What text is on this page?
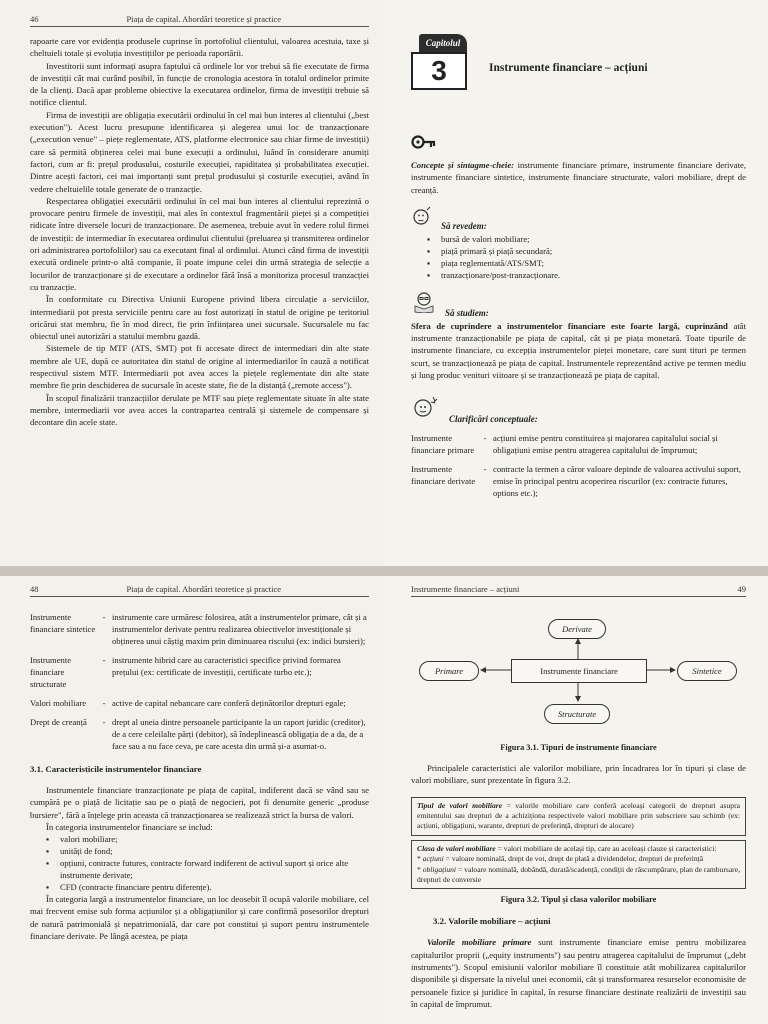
46	Piața de capital. Abordări teoretice și practice

rapoarte care vor evidenția produsele cuprinse în portofoliul clientului, valoarea acestuia, taxe și cheltuieli totale și evoluția investițiilor pe perioada raportării.

Investitorii sunt informați asupra faptului că ordinele lor vor trebui să fie executate de firma de investiții cât mai curând posibil, în funcție de cronologia acestora în totalul ordinelor primite de la clienți. Dacă apar probleme obiective la executarea ordinelor, firma de investiții trebuie să notifice clientul.

Firma de investiții are obligația executării ordinului în cel mai bun interes al clientului („best execution"). Acest lucru presupune identificarea și alegerea unui loc de tranzacționare („execution venue" – piețe reglementate, ATS, platforme electronice sau chiar firme de investiții) care să permită obținerea celei mai bune execuții a ordinului, luând în considerare anumiți factori, cum ar fi: prețul produsului, costurile execuției, rapiditatea și probabilitatea execuției. Dintre acești factori, cei mai importanți sunt prețul produsului și costurile execuției, având în vedere cheltuielile totale generate de o tranzacție.

Respectarea obligației executării ordinului în cel mai bun interes al clientului reprezintă o provocare pentru firmele de investiții, mai ales în contextul fragmentării pieței și a competiției ridicate între diversele locuri de tranzacționare. De asemenea, trebuie avut în vedere rolul firmei de investiții: de intermediar în executarea ordinului clientului (preluarea și transmiterea ordinelor ori administrarea portofoliilor) sau ca executant final al ordinului. Atunci când firma de investiții execută ordinele printr-o altă companie, îi poate impune celei din urmă strategia de selecție a locurilor de tranzacționare și de executare a ordinelor fără însă a monitoriza procesul tranzacției cu tranzacție.

În conformitate cu Directiva Uniunii Europene privind libera circulație a serviciilor, intermediarii pot presta serviciile pentru care au fost autorizați în statul de origine pe teritoriul oricărui stat membru, fie în mod direct, fie prin înființarea unei sucursale. Sucursalele nu fac obiectul unei autorizări a statului membru gazdă.

Sistemele de tip MTF (ATS, SMT) pot fi accesate direct de intermediari din alte state membre ale UE, după ce autoritatea din statul de origine al intermediarilor în cauză a notificat respectivul sistem MTF. Intermediarii pot avea acces la piețele reglementate din alte state membre fie prin deschiderea de sucursale în aceste state, fie de la distanță („remote access").

În scopul finalizării tranzacțiilor derulate pe MTF sau piețe reglementate situate în alte state membre, intermediarii vor avea acces la contrapartea centrală și sistemele de compensare și decontare din acele state.

Capitolul
3	Instrumente financiare – acțiuni

Concepte și sintagme-cheie: instrumente financiare primare, instrumente financiare derivate, instrumente financiare sintetice, instrumente financiare structurate, valori mobiliare, drept de creanță.

Să revedem:
▪ bursă de valori mobiliare;
▪ piață primară și piață secundară;
▪ piața reglementată/ATS/SMT;
▪ tranzacționare/post-tranzacționare.
Să studiem:

Sfera de cuprindere a instrumentelor financiare este foarte largă, cuprinzând atât instrumente tranzacționabile pe piața de capital, cât și pe piața monetară. Toate tipurile de instrumente financiare, cu excepția instrumentelor pieței monetare, care sunt tituri pe termen scurt, se tranzacționează pe piața de capital. Instrumentele reprezentând active pe termen mediu și lung produc venituri viitoare și se tranzacționează pe piața de capital.

Clarificări conceptuale:
Instrumente financiare primare
- acțiuni emise pentru constituirea și majorarea capitalului social și obligațiuni emise pentru atragerea capitalului de împrumut;
Instrumente financiare derivate
- contracte la termen a căror valoare depinde de valoarea activului suport, emise în principal pentru acoperirea riscurilor (ex: contracte futures, options etc.);
48	Piața de capital. Abordări teoretice și practice
Instrumente financiare sintetice
- instrumente care urmăresc folosirea, atât a instrumentelor primare, cât și a instrumentelor derivate pentru realizarea obiectivelor investiționale și obținerea unui câștig maxim prin diminuarea riscului (ex: indici bursieri);
Instrumente financiare structurate
- instrumente hibrid care au caracteristici specifice privind formarea prețului (ex: certificate de investiții, certificate turbo etc.);
Valori mobiliare	- active de capital nebancare care conferă deținătorilor drepturi egale;
Drept de creanță	- drept al uneia dintre persoanele participante la un raport juridic (creditor), de a cere celeilalte părți (debitor), să îndeplinească obligația de a da, de a face sau a nu face ceva, pe care acesta din urmă și-a asumat-o.
3.1. Caracteristicile instrumentelor financiare

Instrumentele financiare tranzacționate pe piața de capital, indiferent dacă se vând sau se cumpără pe o piață de licitație sau pe o piață de negocieri, pot fi denumite generic „produse bursiere", fără a înțelege prin aceasta că tranzacționarea se realizează strict la bursa de valori.

În categoria instrumentelor financiare se includ:

▪ valori mobiliare;
▪ unități de fond;
▪ opțiuni, contracte futures, contracte forward indiferent de activul suport și orice alte instrumente derivate;
▪ CFD (contracte financiare pentru diferențe).

În categoria largă a instrumentelor financiare, un loc deosebit îl ocupă valorile mobiliare, cel mai frecvent emise sub forma acțiunilor și a obligațiunilor și care confirmă posesorilor drepturi de natură patrimonială și nepatrimonială, dar care pot constitui și suport pentru instrumentele financiare derivate. Pe lângă acestea, pe piața

Instrumente financiare – acțiuni	49
Derivate
Instrumente financiare
Primare	Sintetice
Structurate
Figura 3.1. Tipuri de instrumente financiare

Principalele caracteristici ale valorilor mobiliare, prin încadrarea lor în tipuri și clase de valori mobiliare, sunt prezentate în figura 3.2.

Tipul de valori mobiliare = valorile mobiliare care conferă aceleași categorii de drepturi asupra emitentului sau drepturi de a achiziționa respectivele valori mobiliare prin subscriere sau schimb (ex: acțiuni, obligațiuni, warante, drepturi de preferință, drepturi de alocare)
Clasa de valori mobiliare = valori mobiliare de același tip, care au aceleași clauze și caracteristici:
* acțiuni = valoare nominală, drept de vot, drept de plată a dividendelor, drepturi de preferință
* obligațiuni = valoare nominală, dobândă, durată/scadență, condiții de răscumpărare, plan de rambursare, drepturi de conversie
Figura 3.2. Tipul și clasa valorilor mobiliare
3.2. Valorile mobiliare – acțiuni

Valorile mobiliare primare sunt instrumente financiare emise pentru mobilizarea capitalurilor proprii („equity instruments") sau pentru atragerea capitalului de împrumut („debt instruments"). Scopul emisiunii valorilor mobiliare îl constituie atât mobilizarea capitalurilor disponibile și dispersate la nivelul unei economii, cât și transformarea resurselor economisite de persoanele fizice și juridice în capital, în resurse financiare destinate realizării de investiții sau în capital de împrumut.
